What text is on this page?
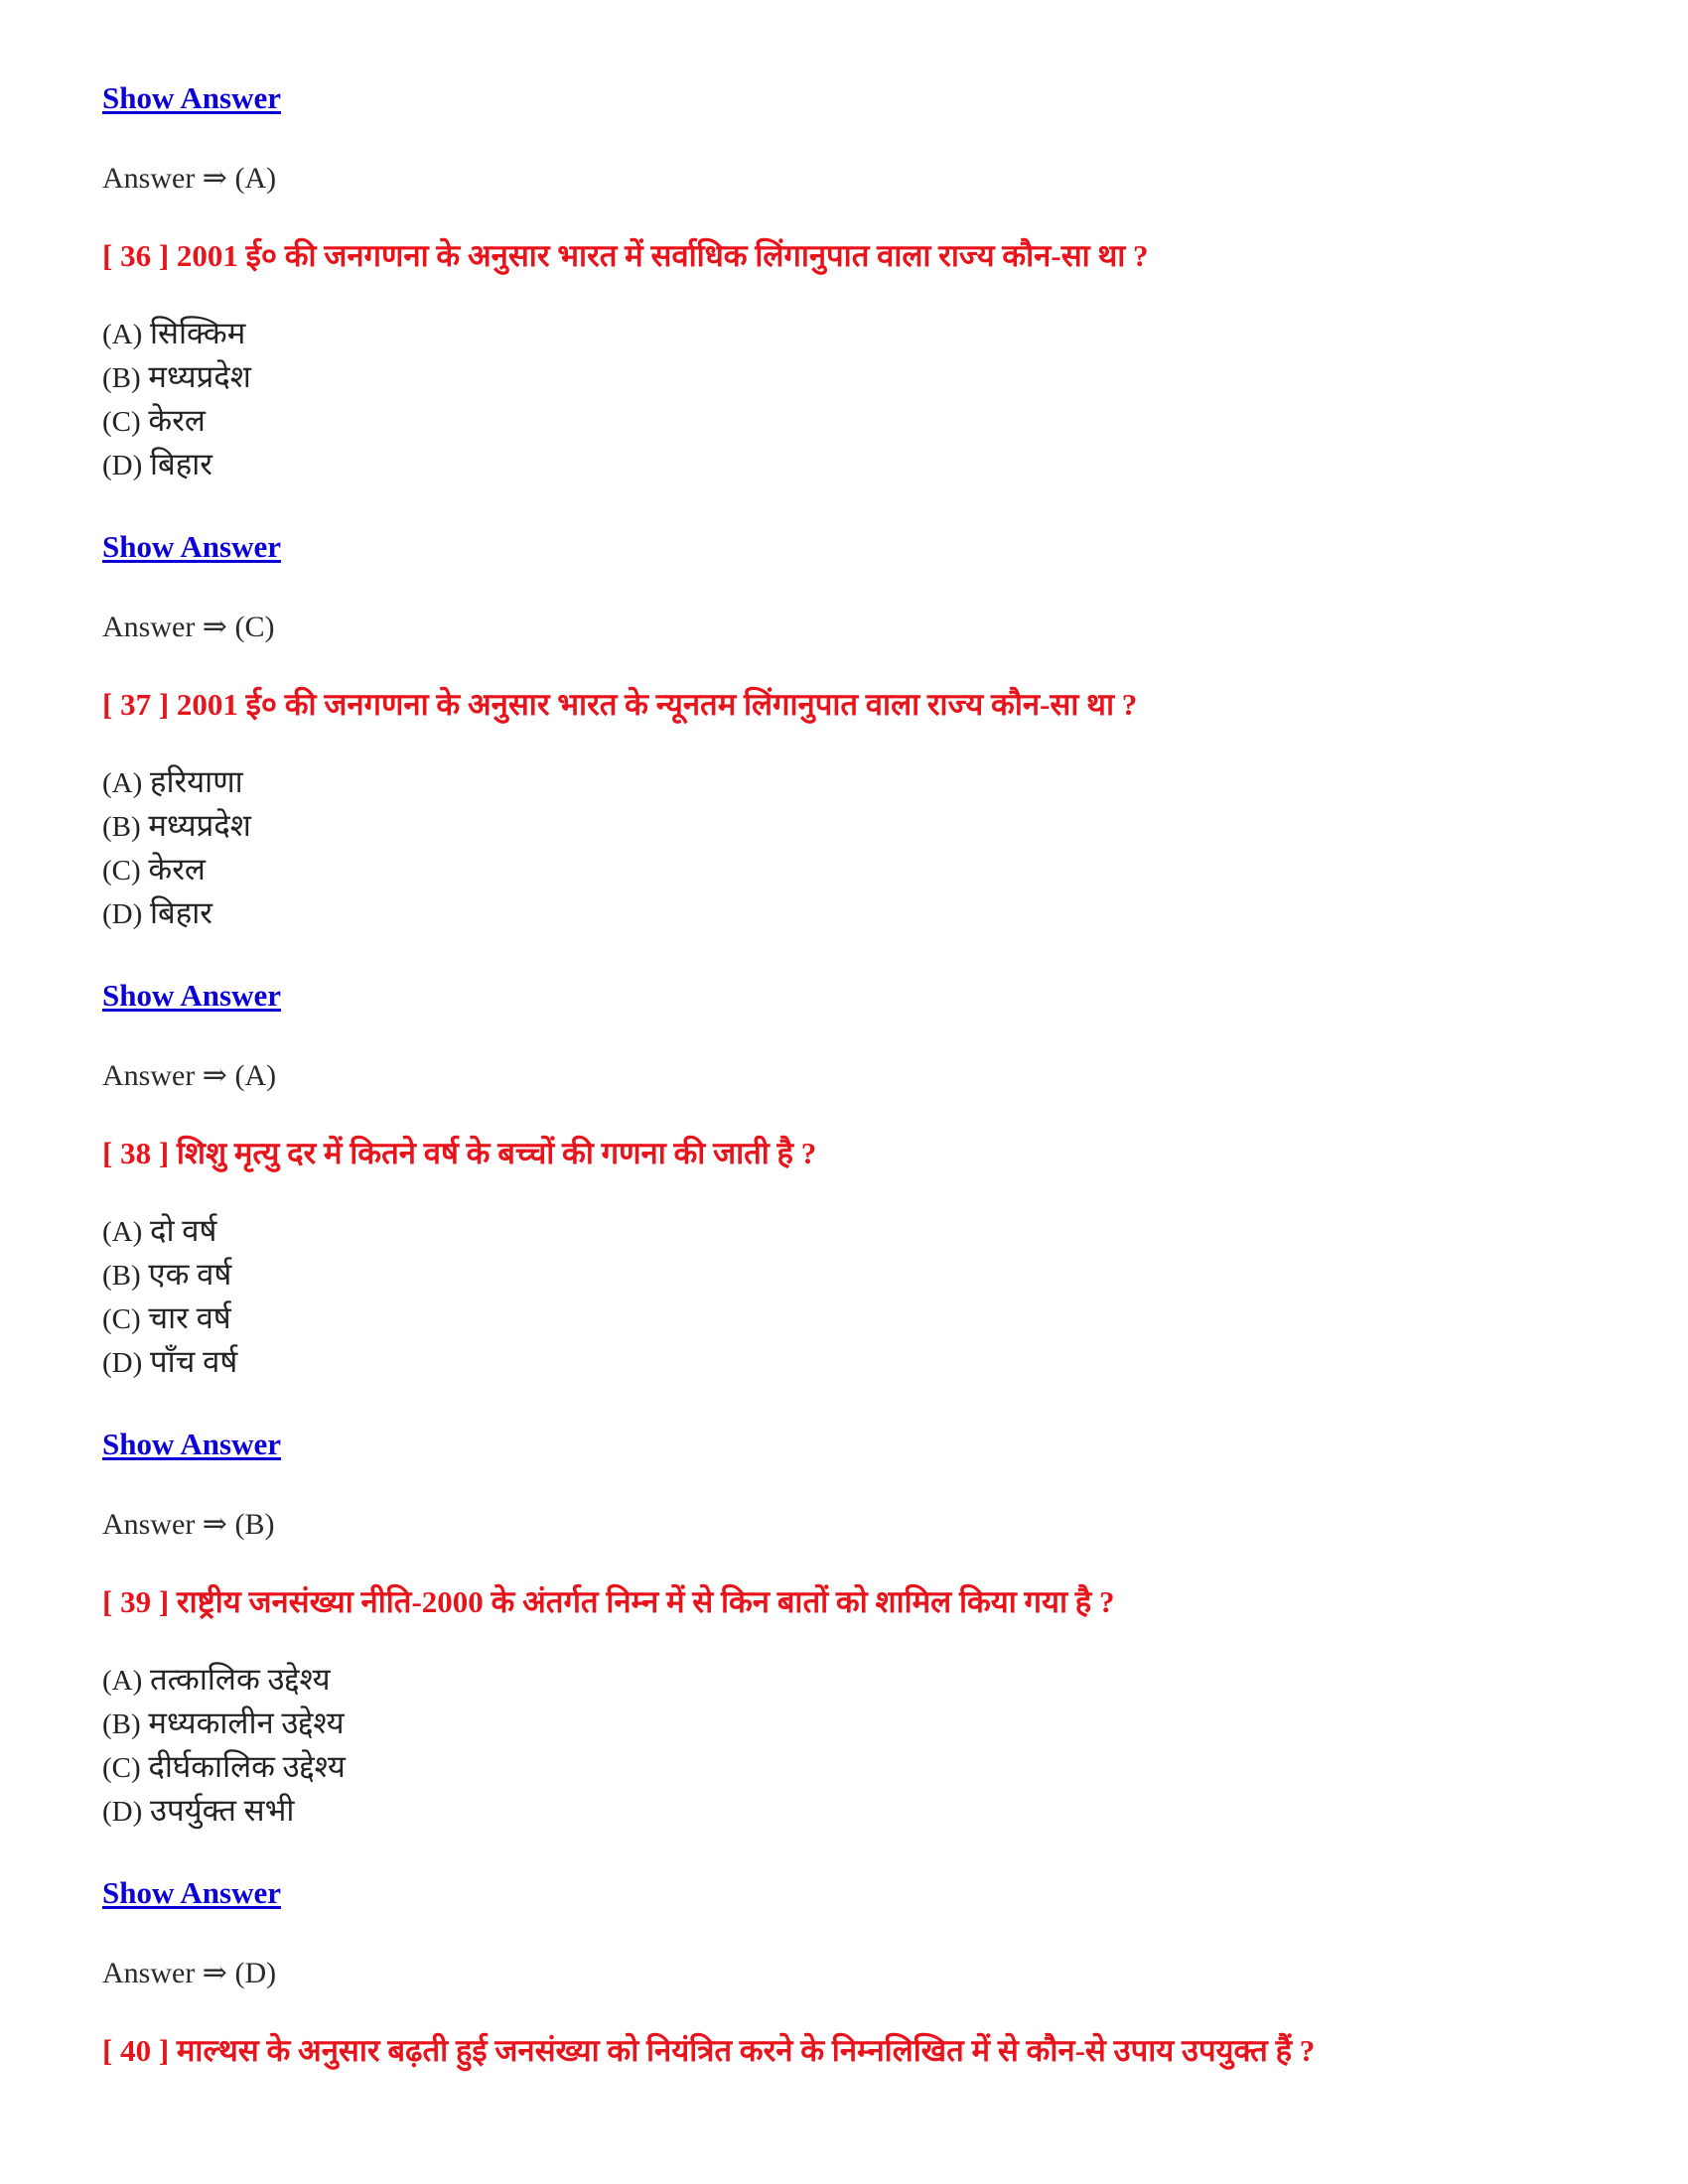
Show Answer
Answer ⇒ (A)
[ 36 ] 2001 ई० की जनगणना के अनुसार भारत में सर्वाधिक लिंगानुपात वाला राज्य कौन-सा था ?
(A) सिक्किम
(B) मध्यप्रदेश
(C) केरल
(D) बिहार
Show Answer
Answer ⇒ (C)
[ 37 ] 2001 ई० की जनगणना के अनुसार भारत के न्यूनतम लिंगानुपात वाला राज्य कौन-सा था ?
(A) हरियाणा
(B) मध्यप्रदेश
(C) केरल
(D) बिहार
Show Answer
Answer ⇒ (A)
[ 38 ] शिशु मृत्यु दर में कितने वर्ष के बच्चों की गणना की जाती है ?
(A) दो वर्ष
(B) एक वर्ष
(C) चार वर्ष
(D) पाँच वर्ष
Show Answer
Answer ⇒ (B)
[ 39 ] राष्ट्रीय जनसंख्या नीति-2000 के अंतर्गत निम्न में से किन बातों को शामिल किया गया है ?
(A) तत्कालिक उद्देश्य
(B) मध्यकालीन उद्देश्य
(C) दीर्घकालिक उद्देश्य
(D) उपर्युक्त सभी
Show Answer
Answer ⇒ (D)
[ 40 ] माल्थस के अनुसार बढ़ती हुई जनसंख्या को नियंत्रित करने के निम्नलिखित में से कौन-से उपाय उपयुक्त हैं ?
